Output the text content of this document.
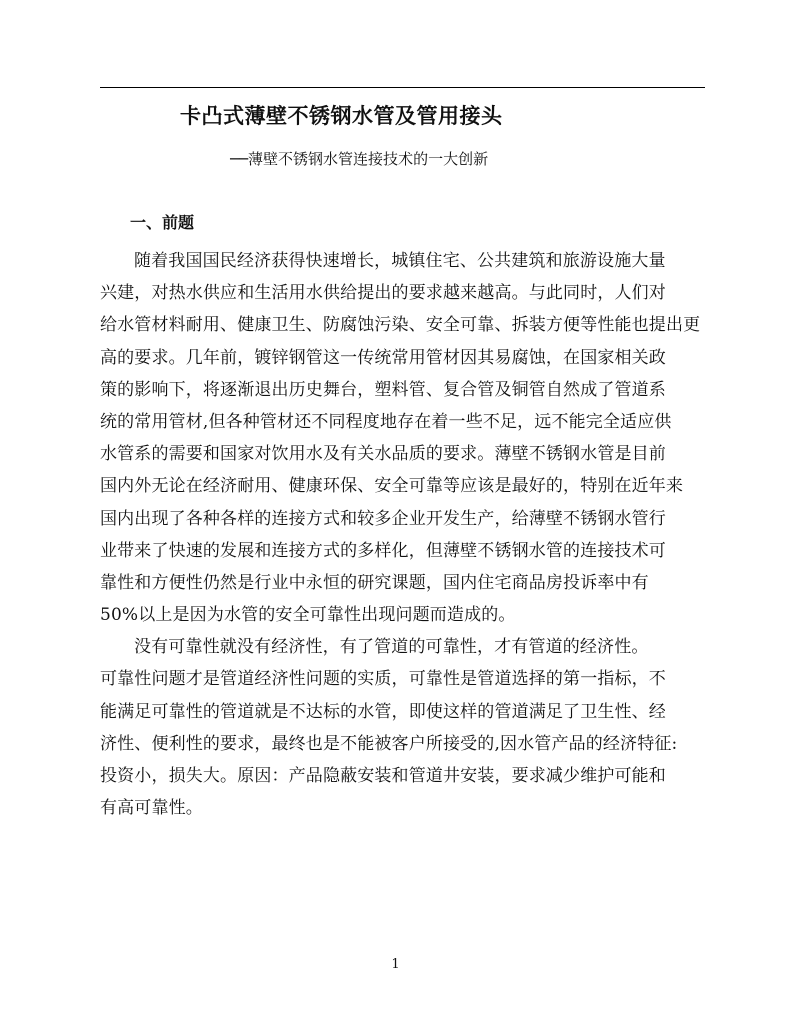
卡凸式薄壁不锈钢水管及管用接头

──薄壁不锈钢水管连接技术的一大创新

一、前题
随着我国国民经济获得快速增长，城镇住宅、公共建筑和旅游设施大量
兴建，对热水供应和生活用水供给提出的要求越来越高。与此同时，人们对
给水管材料耐用、健康卫生、防腐蚀污染、安全可靠、拆装方便等性能也提出更
高的要求。几年前，镀锌钢管这一传统常用管材因其易腐蚀，在国家相关政
策的影响下，将逐渐退出历史舞台，塑料管、复合管及铜管自然成了管道系
统的常用管材,但各种管材还不同程度地存在着一些不足，远不能完全适应供
水管系的需要和国家对饮用水及有关水品质的要求。薄壁不锈钢水管是目前
国内外无论在经济耐用、健康环保、安全可靠等应该是最好的，特别在近年来
国内出现了各种各样的连接方式和较多企业开发生产，给薄壁不锈钢水管行
业带来了快速的发展和连接方式的多样化，但薄壁不锈钢水管的连接技术可
靠性和方便性仍然是行业中永恒的研究课题，国内住宅商品房投诉率中有
50%以上是因为水管的安全可靠性出现问题而造成的。
没有可靠性就没有经济性，有了管道的可靠性，才有管道的经济性。
可靠性问题才是管道经济性问题的实质，可靠性是管道选择的第一指标，不
能满足可靠性的管道就是不达标的水管，即使这样的管道满足了卫生性、经
济性、便利性的要求，最终也是不能被客户所接受的,因水管产品的经济特征:
投资小，损失大。原因：产品隐蔽安装和管道井安装，要求减少维护可能和
有高可靠性。
1
